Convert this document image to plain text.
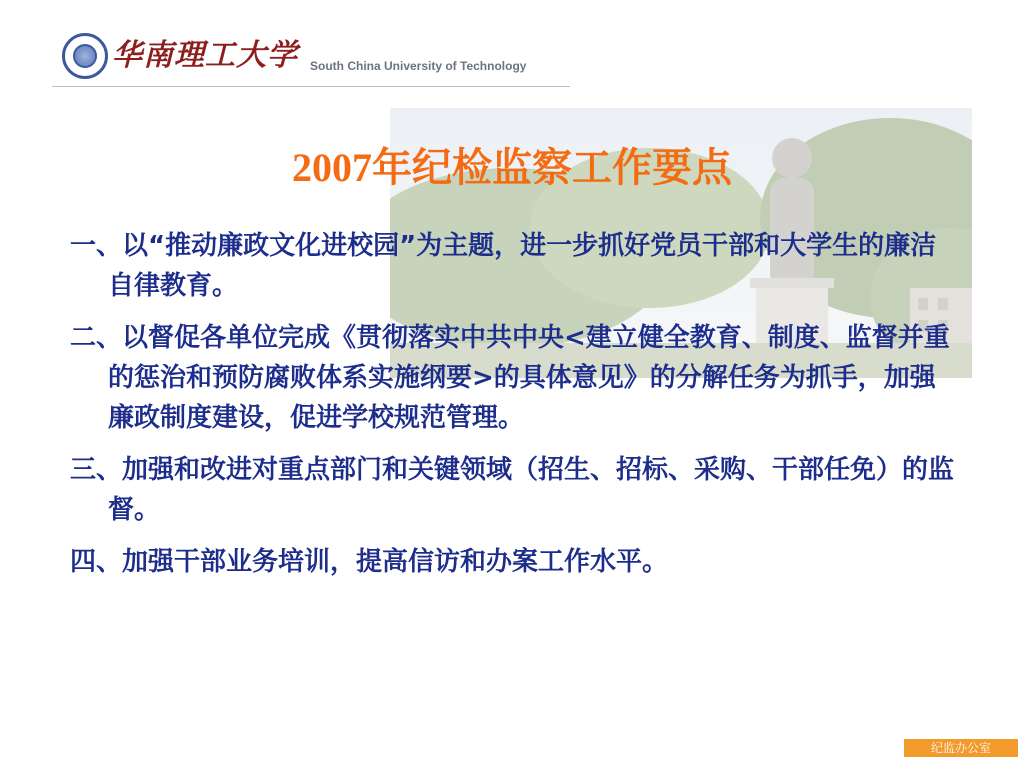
华南理工大学 South China University of Technology
2007年纪检监察工作要点
一、以“推动廉政文化进校园”为主题，进一步抓好党员干部和大学生的廉洁自律教育。
二、以督促各单位完成《贯彻落实中共中央<建立健全教育、制度、监督并重的惩治和预防腐败体系实施纲要>的具体意见》的分解任务为抓手，加强廉政制度建设，促进学校规范管理。
三、加强和改进对重点部门和关键领域（招生、招标、采购、干部任免）的监督。
四、加强干部业务培训，提高信访和办案工作水平。
纪监办公室
